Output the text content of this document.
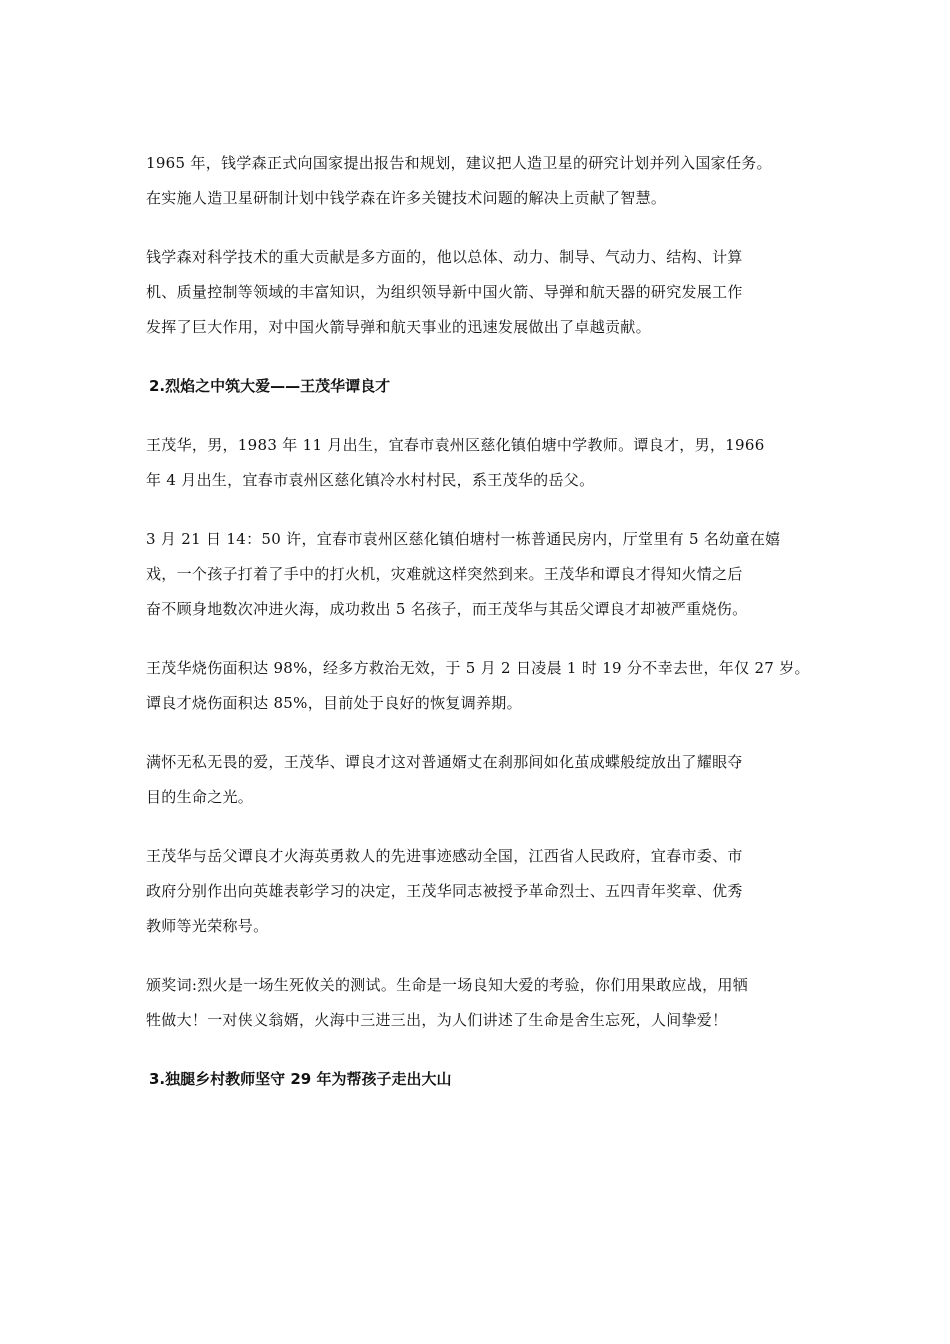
1965 年，钱学森正式向国家提出报告和规划，建议把人造卫星的研究计划并列入国家任务。
在实施人造卫星研制计划中钱学森在许多关键技术问题的解决上贡献了智慧。

钱学森对科学技术的重大贡献是多方面的，他以总体、动力、制导、气动力、结构、计算
机、质量控制等领域的丰富知识，为组织领导新中国火箭、导弹和航天器的研究发展工作
发挥了巨大作用，对中国火箭导弹和航天事业的迅速发展做出了卓越贡献。

2.烈焰之中筑大爱——王茂华谭良才

王茂华，男，1983 年 11 月出生，宜春市袁州区慈化镇伯塘中学教师。谭良才，男，1966
年 4 月出生，宜春市袁州区慈化镇冷水村村民，系王茂华的岳父。

3 月 21 日 14：50 许，宜春市袁州区慈化镇伯塘村一栋普通民房内，厅堂里有 5 名幼童在嬉
戏，一个孩子打着了手中的打火机，灾难就这样突然到来。王茂华和谭良才得知火情之后
奋不顾身地数次冲进火海，成功救出 5 名孩子，而王茂华与其岳父谭良才却被严重烧伤。

王茂华烧伤面积达 98%，经多方救治无效，于 5 月 2 日凌晨 1 时 19 分不幸去世，年仅 27 岁。
谭良才烧伤面积达 85%，目前处于良好的恢复调养期。

满怀无私无畏的爱，王茂华、谭良才这对普通婿丈在刹那间如化茧成蝶般绽放出了耀眼夺
目的生命之光。

王茂华与岳父谭良才火海英勇救人的先进事迹感动全国，江西省人民政府，宜春市委、市
政府分别作出向英雄表彰学习的决定，王茂华同志被授予革命烈士、五四青年奖章、优秀
教师等光荣称号。

颁奖词:烈火是一场生死攸关的测试。生命是一场良知大爱的考验，你们用果敢应战，用牺
牲做大！一对侠义翁婿，火海中三进三出，为人们讲述了生命是舍生忘死，人间挚爱！

3.独腿乡村教师坚守 29 年为帮孩子走出大山
